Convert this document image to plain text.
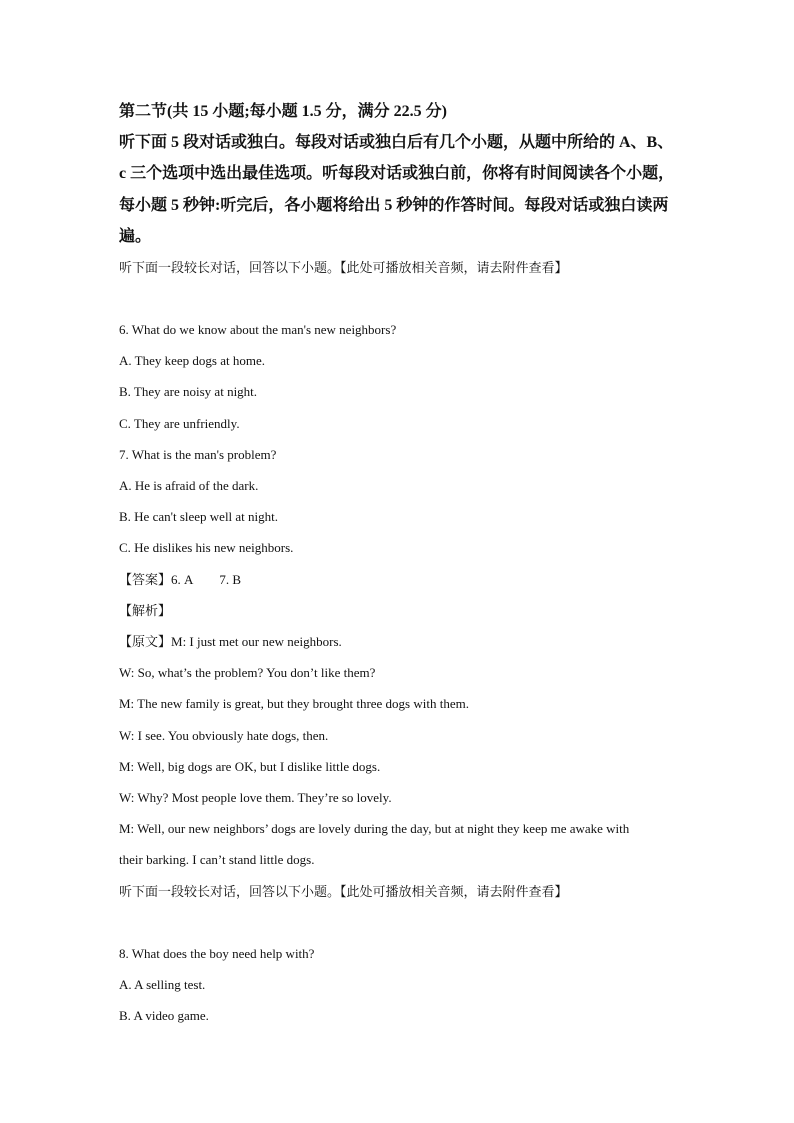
第二节(共 15 小题;每小题 1.5 分，满分 22.5 分)
听下面 5 段对话或独白。每段对话或独白后有几个小题，从题中所给的 A、B、
c 三个选项中选出最佳选项。听每段对话或独白前，你将有时间阅读各个小题，
每小题 5 秒钟:听完后，各小题将给出 5 秒钟的作答时间。每段对话或独白读两
遍。
听下面一段较长对话，回答以下小题。【此处可播放相关音频，请去附件查看】
6. What do we know about the man's new neighbors?
A. They keep dogs at home.
B. They are noisy at night.
C. They are unfriendly.
7. What is the man's problem?
A. He is afraid of the dark.
B. He can't sleep well at night.
C. He dislikes his new neighbors.
【答案】6. A 7. B
【解析】
【原文】M: I just met our new neighbors.
W: So, what’s the problem? You don’t like them?
M: The new family is great, but they brought three dogs with them.
W: I see. You obviously hate dogs, then.
M: Well, big dogs are OK, but I dislike little dogs.
W: Why? Most people love them. They’re so lovely.
M: Well, our new neighbors’ dogs are lovely during the day, but at night they keep me awake with
their barking. I can’t stand little dogs.
听下面一段较长对话，回答以下小题。【此处可播放相关音频，请去附件查看】
8. What does the boy need help with?
A. A selling test.
B. A video game.
